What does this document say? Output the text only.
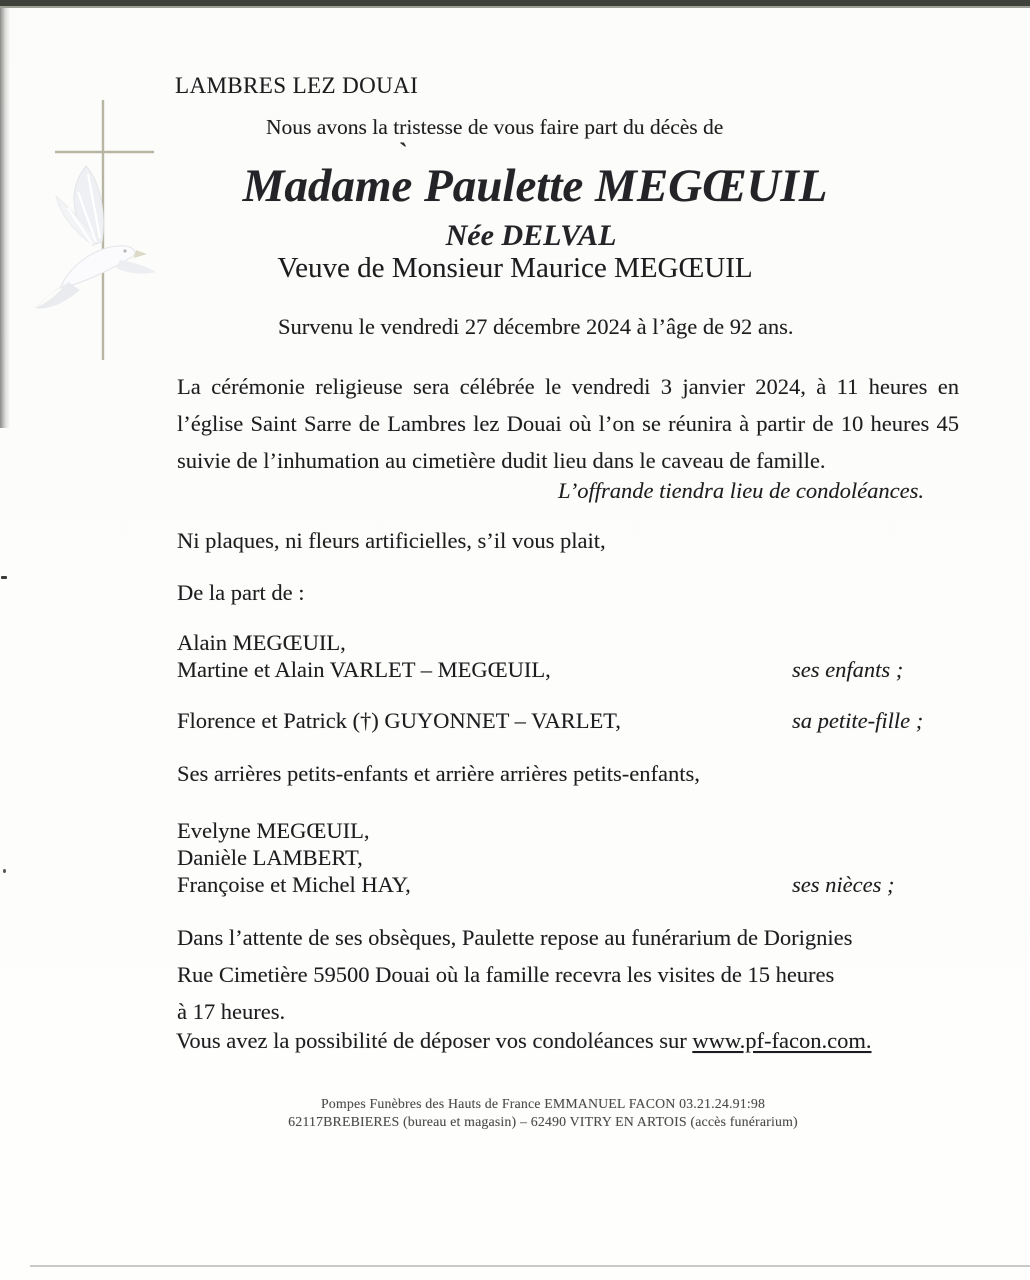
`
LAMBRES LEZ DOUAI
Nous avons la tristesse de vous faire part du décès de
Madame Paulette MEGŒUIL
Née DELVAL
Veuve de Monsieur Maurice MEGŒUIL
Survenu le vendredi 27 décembre 2024 à l’âge de 92 ans.
La cérémonie religieuse sera célébrée le vendredi 3 janvier 2024, à 11 heures en
l’église Saint Sarre de Lambres lez Douai où l’on se réunira à partir de 10 heures 45
suivie de l’inhumation au cimetière dudit lieu dans le caveau de famille.
L’offrande tiendra lieu de condoléances.
Ni plaques, ni fleurs artificielles, s’il vous plait,
De la part de :
Alain MEGŒUIL,
Martine et Alain VARLET – MEGŒUIL,	ses enfants ;
Florence et Patrick (†) GUYONNET – VARLET,	sa petite-fille ;
Ses arrières petits-enfants et arrière arrières petits-enfants,
Evelyne MEGŒUIL,
Danièle LAMBERT,
Françoise et Michel HAY,	ses nièces ;
Dans l’attente de ses obsèques, Paulette repose au funérarium de Dorignies
Rue Cimetière 59500 Douai où la famille recevra les visites de 15 heures
à 17 heures.
Vous avez la possibilité de déposer vos condoléances sur www.pf-facon.com.
Pompes Funèbres des Hauts de France EMMANUEL FACON 03.21.24.91:98
62117BREBIERES (bureau et magasin) – 62490 VITRY EN ARTOIS (accès funérarium)
